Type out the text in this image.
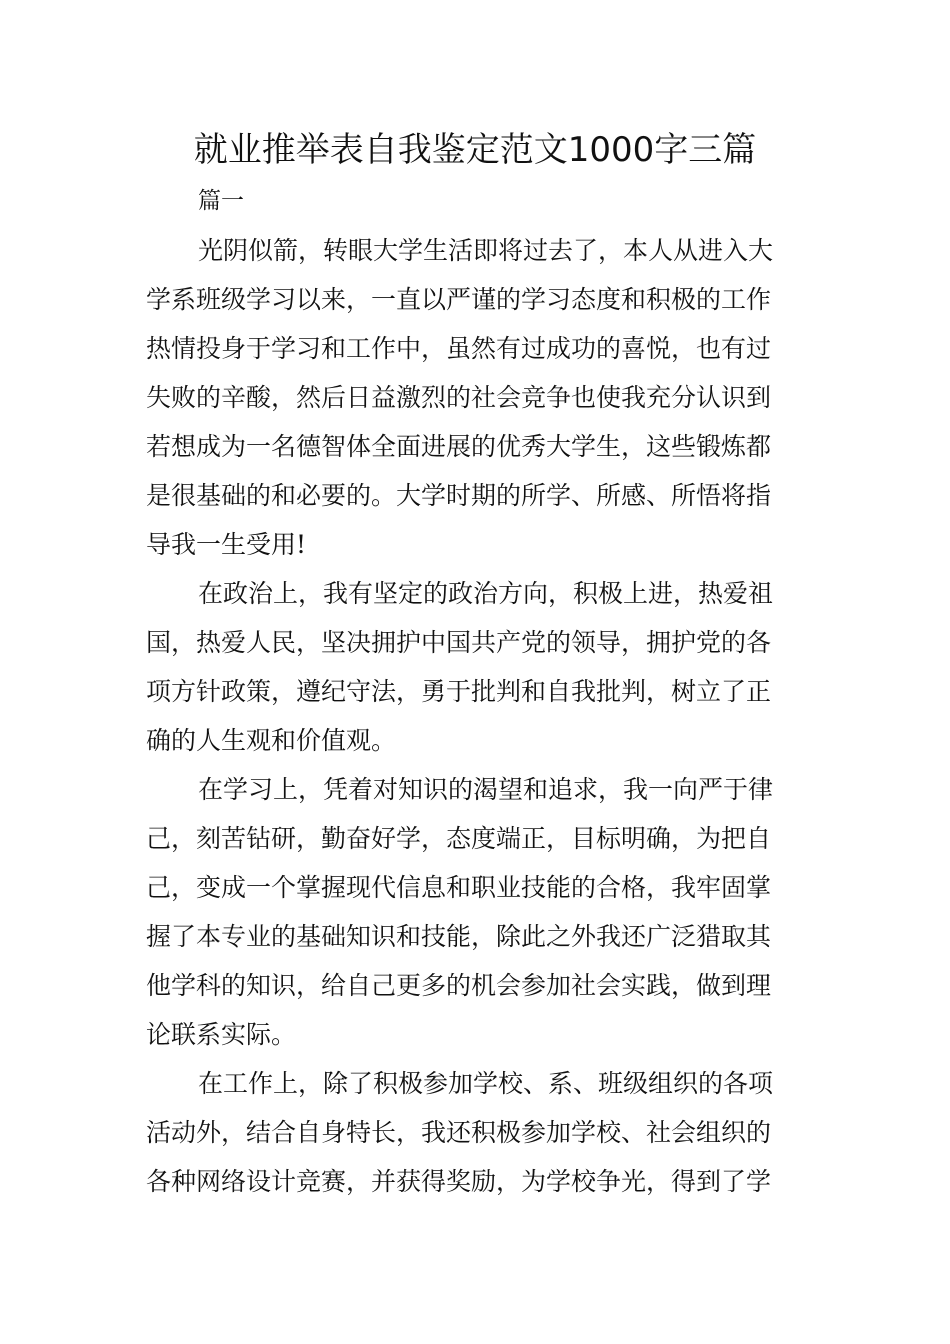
就业推举表自我鉴定范文1000字三篇
篇一
光阴似箭，转眼大学生活即将过去了，本人从进入大
学系班级学习以来，一直以严谨的学习态度和积极的工作
热情投身于学习和工作中，虽然有过成功的喜悦，也有过
失败的辛酸，然后日益激烈的社会竞争也使我充分认识到
若想成为一名德智体全面进展的优秀大学生，这些锻炼都
是很基础的和必要的。大学时期的所学、所感、所悟将指
导我一生受用!
在政治上，我有坚定的政治方向，积极上进，热爱祖
国，热爱人民，坚决拥护中国共产党的领导，拥护党的各
项方针政策，遵纪守法，勇于批判和自我批判，树立了正
确的人生观和价值观。
在学习上，凭着对知识的渴望和追求，我一向严于律
己，刻苦钻研，勤奋好学，态度端正，目标明确，为把自
己，变成一个掌握现代信息和职业技能的合格，我牢固掌
握了本专业的基础知识和技能，除此之外我还广泛猎取其
他学科的知识，给自己更多的机会参加社会实践，做到理
论联系实际。
在工作上，除了积极参加学校、系、班级组织的各项
活动外，结合自身特长，我还积极参加学校、社会组织的
各种网络设计竞赛，并获得奖励，为学校争光，得到了学
